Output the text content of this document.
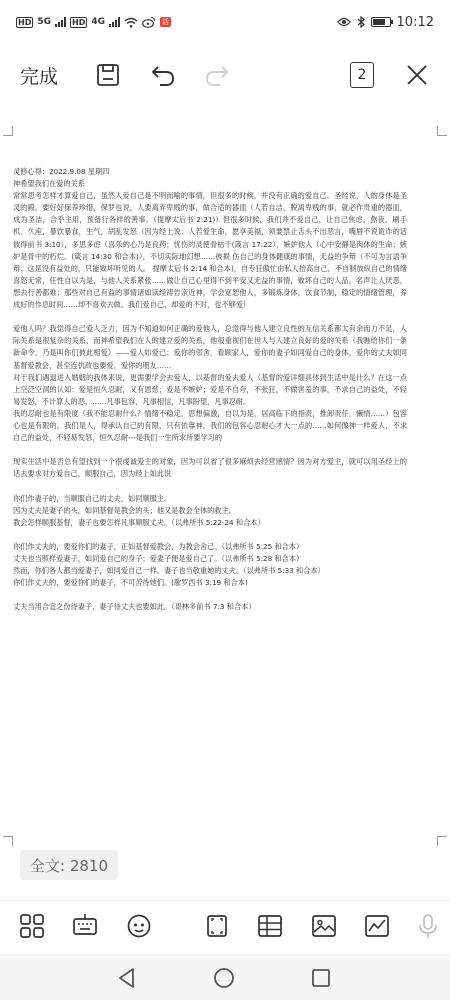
HD 5G	HD 4G	活	10:12
完成	2

灵修心得：2022.9.08 星期四

神希望我们在爱的关系

常常思考怎样才算爱自己，虽然人爱自己是不明而喻的事情，但很多的时候，并没有正确的爱自己。圣经说，人的身体是圣灵的殿，要好好保养珍惜，保罗也说，人要离弃卑贱的事，做合适的器皿（人若自洁，脱离卑贱的事，就必作贵重的器皿，成为圣洁，合乎主用，预备行各样的善事。（提摩太后书 2:21)）但很多时候，我们并不爱自己，让自己焦虑，熬夜、刷手机、久座，暴饮暴食，生气，胡乱发怒（因为经上说：人若爱生命，愿享美福，须要禁止舌头不出恶言，嘴唇不说诡诈的话彼得前书 3:10），多思多虑（喜乐的心乃是良药；忧伤的灵使骨枯干(箴言 17:22），嫉妒他人（心中安静是肉体的生命；嫉妒是骨中的朽烂。(箴言 14:30 和合本)），不切实际地幻想……彼损 伤自己的身体健康的事情，无益的争辩（不可为言语争辩；这是没有益处的，只能败坏听见的人。 提摩太后书 2:14 和合本)，自专狂傲忙由私人抬高自己，不自制放纵自己的情绪喜怒无常，任性自以为是，与他人关系紧张……做让自己心里得不到平安又无益的事情，败坏自己的人品，名声让人厌恶，想去行善都难；那些对自己有益的事情诸如读经祷告亲近神，学会宽恕他人，多锻炼身体，饮食节制，稳定的情绪管理，养成好的作息时间……却不喜欢去做。我们爱自己，却爱的不对，也不够爱！

爱他人吗？我觉得自己爱人乏力，因为不知道如何正确的爱他人，总觉得与他人建立良性的互信关系都太有余而力不足，人际关系是很复杂的关系，而神希望我们在人的建立爱的关系，他很重视们在世人与人建立良好的爱的关系（我瞧给你们一条新命令，乃是叫你们彼此相爱）——爱人如爱己；爱你的邻舍，看顾家人，爱你的妻子如同爱自己的身体，爱你的丈夫如同基督爱教会，甚至连仇敌也要爱，爱你的朋友……

对于我们遇退进入婚姻的我体来说，更需要学会去爱人，以基督的爱去爱人（基督的爱详细具体到生活中是什么？在这一点上空泛空洞的认知：爱是恒久忍耐，又有恩慈；爱是不嫉妒；爱是不自夸，不张狂，不做害羞的事，不求自己的益处，不轻易发怒，不计算人的恶，……凡事包容，凡事相信，凡事盼望，凡事忍耐。

我的忍耐也是有限度（我不能忍耐什么？情绪不稳定，思想偏激，自以为是，居高临下的指责，推卸责任，懒惰……）包容心也是有限的，我们是人，得承认自己的有限，只有依靠神，我们的包容心忍耐心才大一点的……如何像神一样爱人，不求自己的益处，不轻易发怒，恒久忍耐---是我们一生所求所要学习的

现实生活中是否总有望找到一个很虔诚爱主的对象，因为可以省了很多麻烦去经营感情？因为对方爱主，就可以用圣经上的话去要求对方爱自己，顺服自己，因为经上如此说

你们作妻子的，当顺服自己的丈夫，如同顺服主。

因为丈夫是妻子的头，如同基督是教会的头；他又是教会全体的救主。

教会怎样顺服基督，妻子也要怎样凡事顺服丈夫。（以弗所书 5:22-24 和合本）

你们作丈夫的，要爱你们的妻子，正如基督爱教会，为教会舍己。（以弗所书 5:25 和合本）

丈夫也当照样爱妻子，如同爱自己的身子；爱妻子便是爱自己了。（以弗所书 5:28 和合本）

然而，你们各人都当爱妻子，如同爱自己一样。妻子也当敬重她的丈夫。（以弗所书 5:33 和合本）

你们作丈夫的，要爱你们的妻子，不可苦待她们。(歌罗西书 3:19 和合本)

丈夫当用合宜之份待妻子，妻子待丈夫也要如此。（哥林多前书 7:3 和合本）

全文: 2810
